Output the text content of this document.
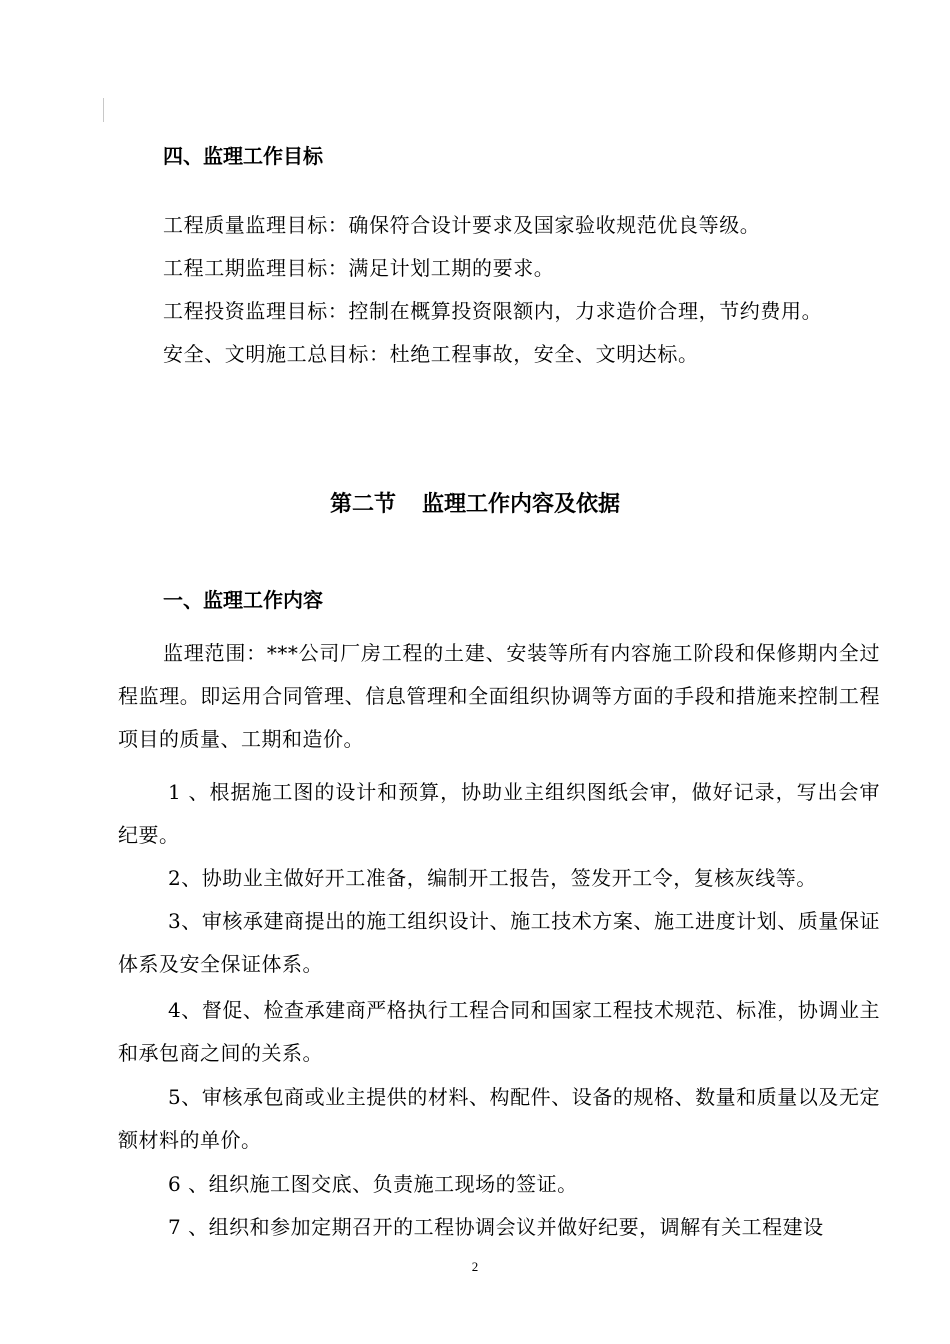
四、监理工作目标
工程质量监理目标：确保符合设计要求及国家验收规范优良等级。
工程工期监理目标：满足计划工期的要求。
工程投资监理目标：控制在概算投资限额内，力求造价合理，节约费用。
安全、文明施工总目标：杜绝工程事故，安全、文明达标。
第二节 监理工作内容及依据
一、监理工作内容
监理范围：***公司厂房工程的土建、安装等所有内容施工阶段和保修期内全过程监理。即运用合同管理、信息管理和全面组织协调等方面的手段和措施来控制工程项目的质量、工期和造价。
1 、根据施工图的设计和预算，协助业主组织图纸会审，做好记录，写出会审纪要。
2、协助业主做好开工准备，编制开工报告，签发开工令，复核灰线等。
3、审核承建商提出的施工组织设计、施工技术方案、施工进度计划、质量保证体系及安全保证体系。
4、督促、检查承建商严格执行工程合同和国家工程技术规范、标准，协调业主和承包商之间的关系。
5、审核承包商或业主提供的材料、构配件、设备的规格、数量和质量以及无定额材料的单价。
6 、组织施工图交底、负责施工现场的签证。
7 、组织和参加定期召开的工程协调会议并做好纪要，调解有关工程建设
2
